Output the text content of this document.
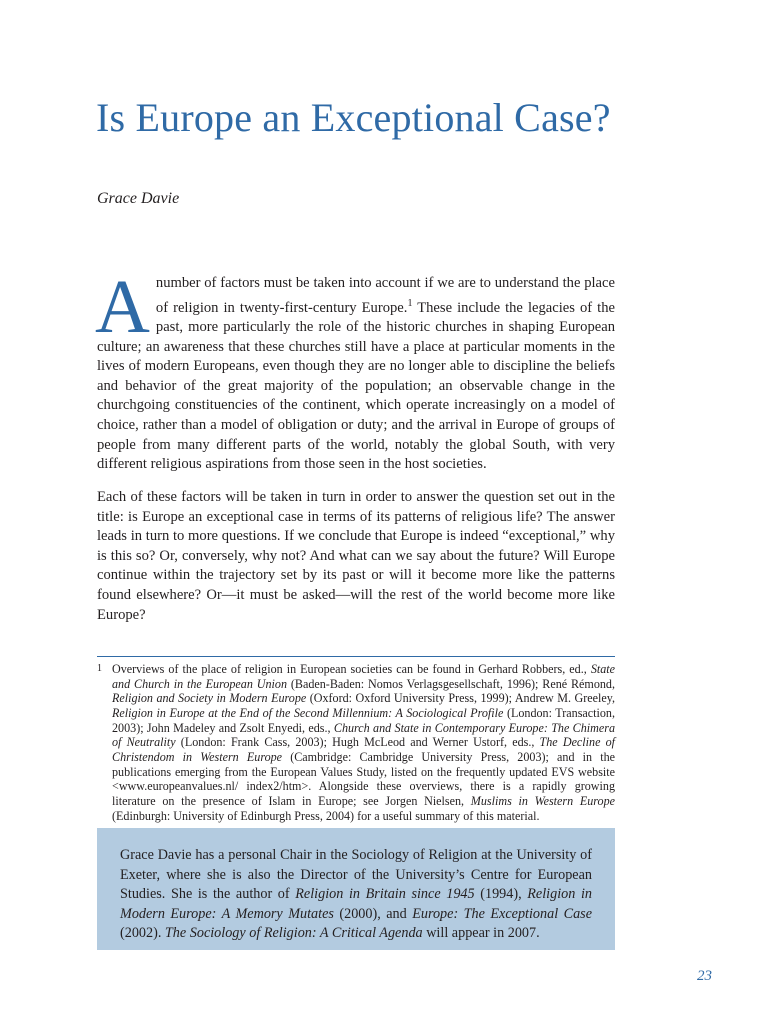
Is Europe an Exceptional Case?
Grace Davie
Anumber of factors must be taken into account if we are to understand the place of religion in twenty-first-century Europe.$^1$ These include the legacies of the past, more particularly the role of the historic churches in shaping European culture; an awareness that these churches still have a place at particular moments in the lives of modern Europeans, even though they are no longer able to discipline the beliefs and behavior of the great majority of the population; an observable change in the churchgoing constituencies of the continent, which operate increasingly on a model of choice, rather than a model of obligation or duty; and the arrival in Europe of groups of people from many different parts of the world, notably the global South, with very different religious aspirations from those seen in the host societies.
Each of these factors will be taken in turn in order to answer the question set out in the title: is Europe an exceptional case in terms of its patterns of religious life? The answer leads in turn to more questions. If we conclude that Europe is indeed “exceptional,” why is this so? Or, conversely, why not? And what can we say about the future? Will Europe continue within the trajectory set by its past or will it become more like the patterns found elsewhere? Or—it must be asked—will the rest of the world become more like Europe?
1 Overviews of the place of religion in European societies can be found in Gerhard Robbers, ed., State and Church in the European Union (Baden-Baden: Nomos Verlagsgesellschaft, 1996); René Rémond, Religion and Society in Modern Europe (Oxford: Oxford University Press, 1999); Andrew M. Greeley, Religion in Europe at the End of the Second Millennium: A Sociological Profile (London: Transaction, 2003); John Madeley and Zsolt Enyedi, eds., Church and State in Contemporary Europe: The Chimera of Neutrality (London: Frank Cass, 2003); Hugh McLeod and Werner Ustorf, eds., The Decline of Christendom in Western Europe (Cambridge: Cambridge University Press, 2003); and in the publications emerging from the European Values Study, listed on the frequently updated EVS website <www.europeanvalues.nl/ index2/htm>. Alongside these overviews, there is a rapidly growing literature on the presence of Islam in Europe; see Jorgen Nielsen, Muslims in Western Europe (Edinburgh: University of Edinburgh Press, 2004) for a useful summary of this material.
Grace Davie has a personal Chair in the Sociology of Religion at the University of Exeter, where she is also the Director of the University’s Centre for European Studies. She is the author of Religion in Britain since 1945 (1994), Religion in Modern Europe: A Memory Mutates (2000), and Europe: The Exceptional Case (2002). The Sociology of Religion: A Critical Agenda will appear in 2007.
23
